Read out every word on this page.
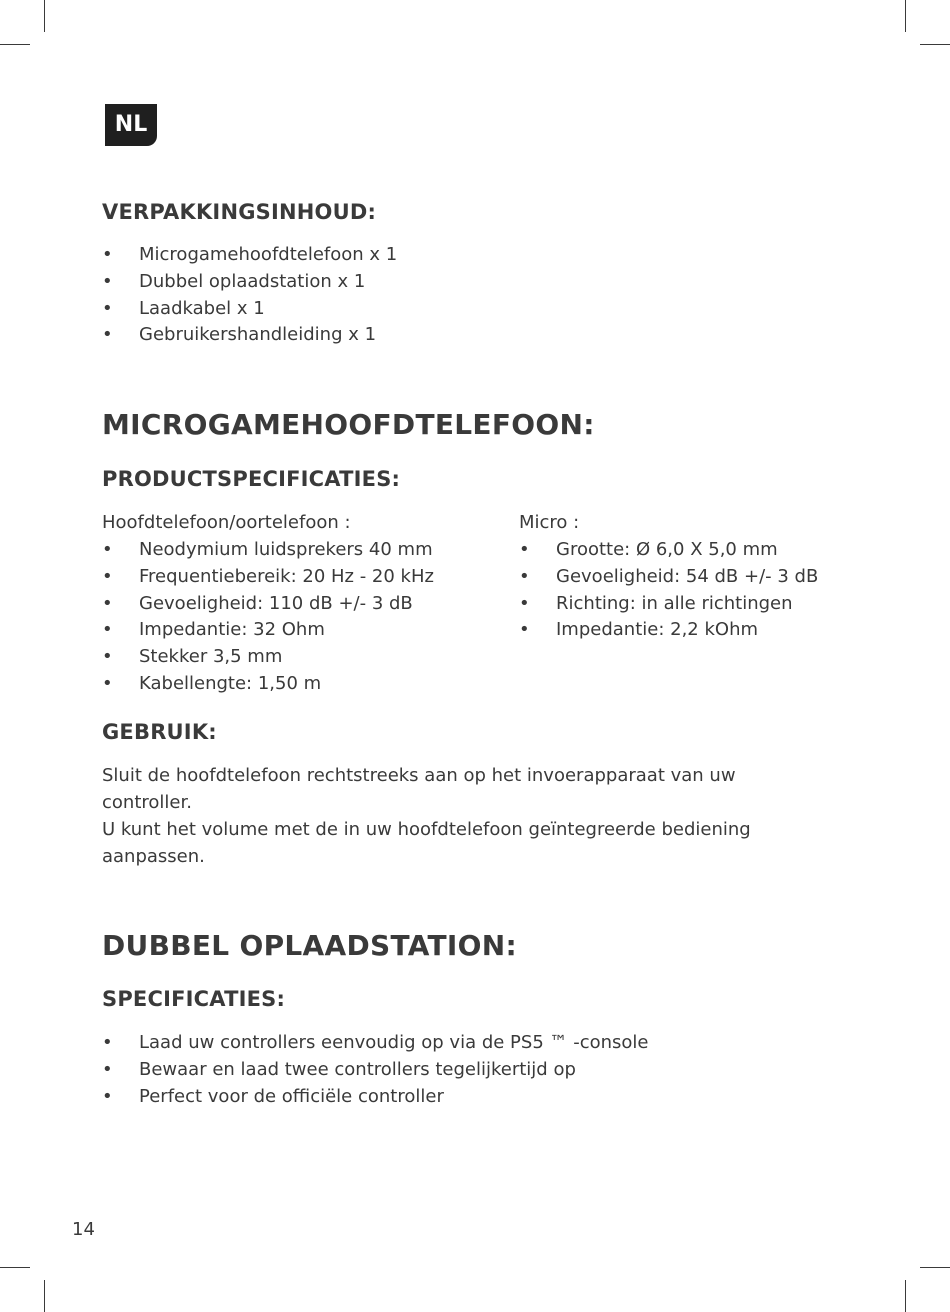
NL
VERPAKKINGSINHOUD:
• Microgamehoofdtelefoon x 1
• Dubbel oplaadstation x 1
• Laadkabel x 1
• Gebruikershandleiding x 1
MICROGAMEHOOFDTELEFOON:
PRODUCTSPECIFICATIES:

Hoofdtelefoon/oortelefoon :

• Neodymium luidsprekers 40 mm
• Frequentiebereik: 20 Hz - 20 kHz
• Gevoeligheid: 110 dB +/- 3 dB
• Impedantie: 32 Ohm
• Stekker 3,5 mm
• Kabellengte: 1,50 m

Micro :

• Grootte: Ø 6,0 X 5,0 mm
• Gevoeligheid: 54 dB +/- 3 dB
• Richting: in alle richtingen
• Impedantie: 2,2 kOhm
GEBRUIK:

Sluit de hoofdtelefoon rechtstreeks aan op het invoerapparaat van uw controller.

U kunt het volume met de in uw hoofdtelefoon geïntegreerde bediening aanpassen.

DUBBEL OPLAADSTATION:
SPECIFICATIES:
• Laad uw controllers eenvoudig op via de PS5 ™ -console
• Bewaar en laad twee controllers tegelijkertijd op
• Perfect voor de officiële controller
14
